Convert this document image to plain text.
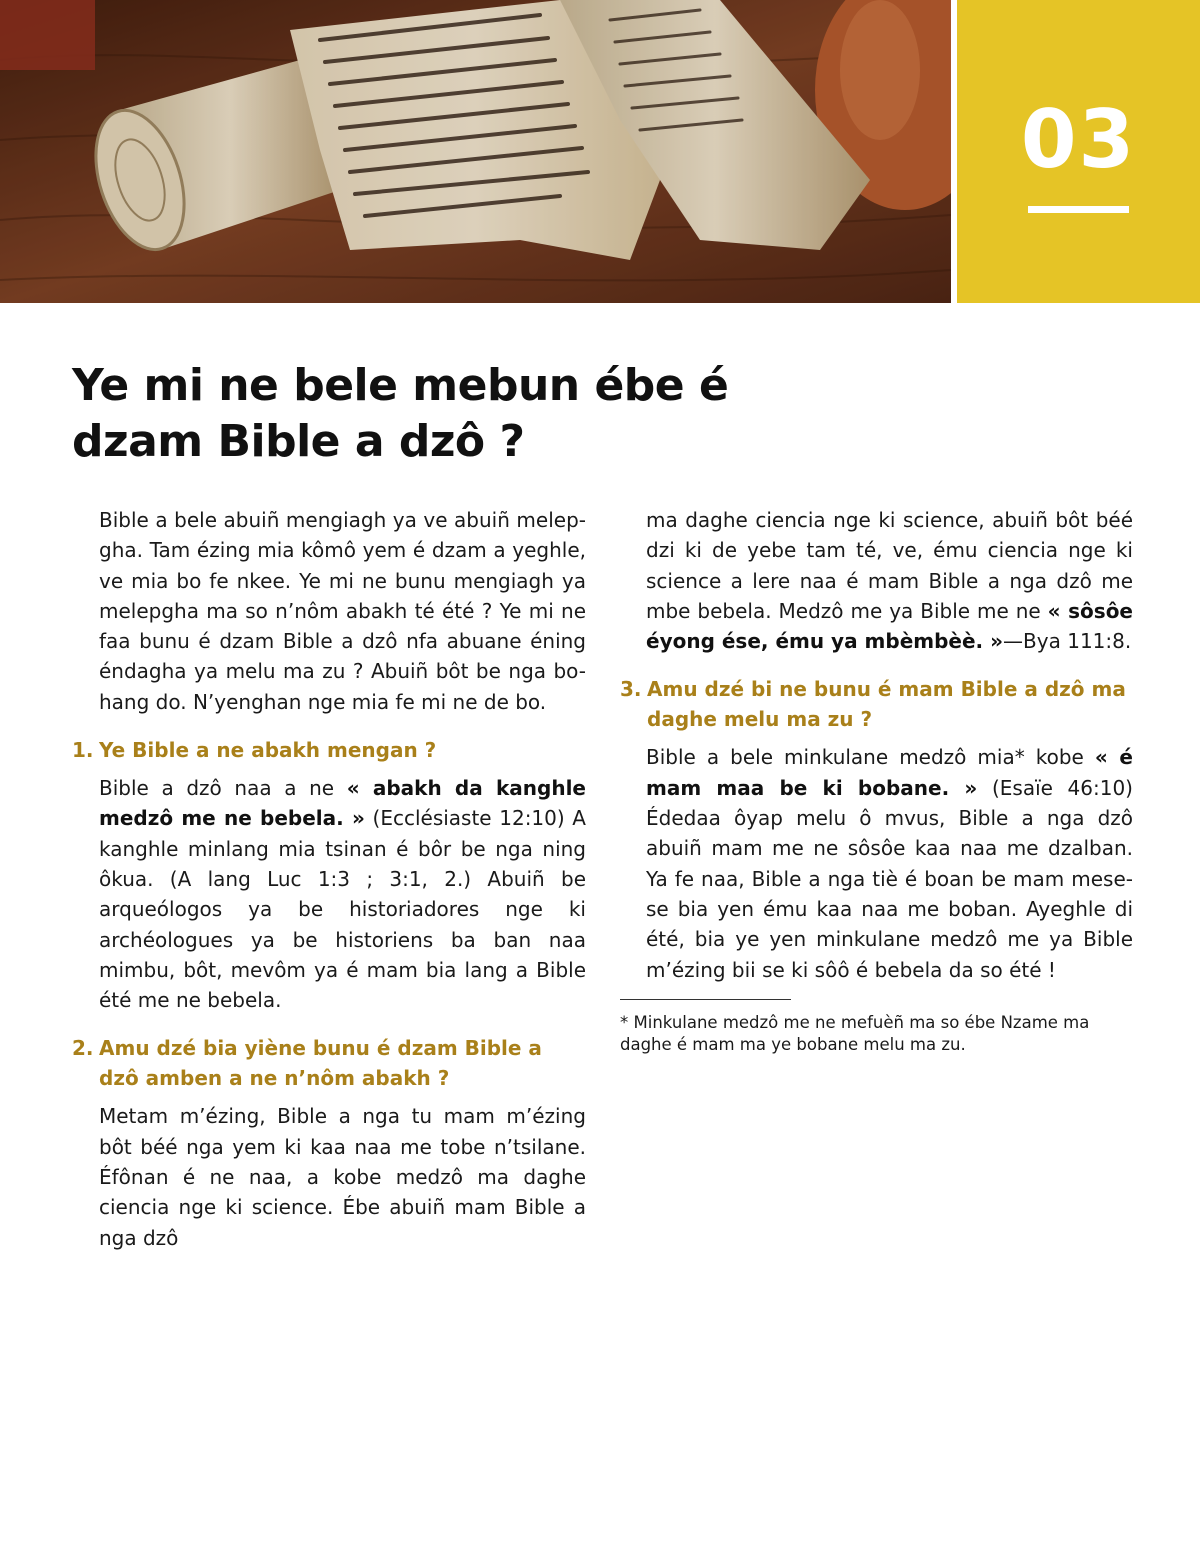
03
Ye mi ne bele mebun ébe é dzam Bible a dzô ?

Bible a bele abuiñ mengiagh ya ve abuiñ melepgha. Tam ézing mia kômô yem é dzam a yeghle, ve mia bo fe nkee. Ye mi ne bunu mengiagh ya melepgha ma so n’nôm abakh té été ? Ye mi ne faa bunu é dzam Bible a dzô nfa abuane éning éndagha ya melu ma zu ? Abuiñ bôt be nga bo-hang do. N’yenghan nge mia fe mi ne de bo.

1. Ye Bible a ne abakh mengan ?

Bible a dzô naa a ne « abakh da kanghle medzô me ne bebela. » (Ecclésiaste 12:10) A kanghle minlang mia tsinan é bôr be nga ning ôkua. (A lang Luc 1:3 ; 3:1, 2.) Abuiñ be arqueólogos ya be historiadores nge ki archéologues ya be historiens ba ban naa mimbu, bôt, mevôm ya é mam bia lang a Bible été me ne bebela.

2. Amu dzé bia yiène bunu é dzam Bible a dzô amben a ne n’nôm abakh ?

Metam m’ézing, Bible a nga tu mam m’ézing bôt béé nga yem ki kaa naa me tobe n’tsilane. Éfônan é ne naa, a kobe medzô ma daghe ciencia nge ki science. Ébe abuiñ mam Bible a nga dzô

ma daghe ciencia nge ki science, abuiñ bôt béé dzi ki de yebe tam té, ve, ému ciencia nge ki science a lere naa é mam Bible a nga dzô me mbe bebela. Medzô me ya Bible me ne « sôsôe éyong ése, ému ya mbèmbèè. »—Bya 111:8.

3. Amu dzé bi ne bunu é mam Bible a dzô ma daghe melu ma zu ?

Bible a bele minkulane medzô mia* kobe « é mam maa be ki bobane. » (Esaïe 46:10) Édedaa ôyap melu ô mvus, Bible a nga dzô abuiñ mam me ne sôsôe kaa naa me dzalban. Ya fe naa, Bible a nga tiè é boan be mam mesese bia yen ému kaa naa me boban. Ayeghle di été, bia ye yen minkulane medzô me ya Bible m’ézing bii se ki sôô é bebela da so été !

* Minkulane medzô me ne mefuèñ ma so ébe Nzame ma daghe é mam ma ye bobane melu ma zu.
